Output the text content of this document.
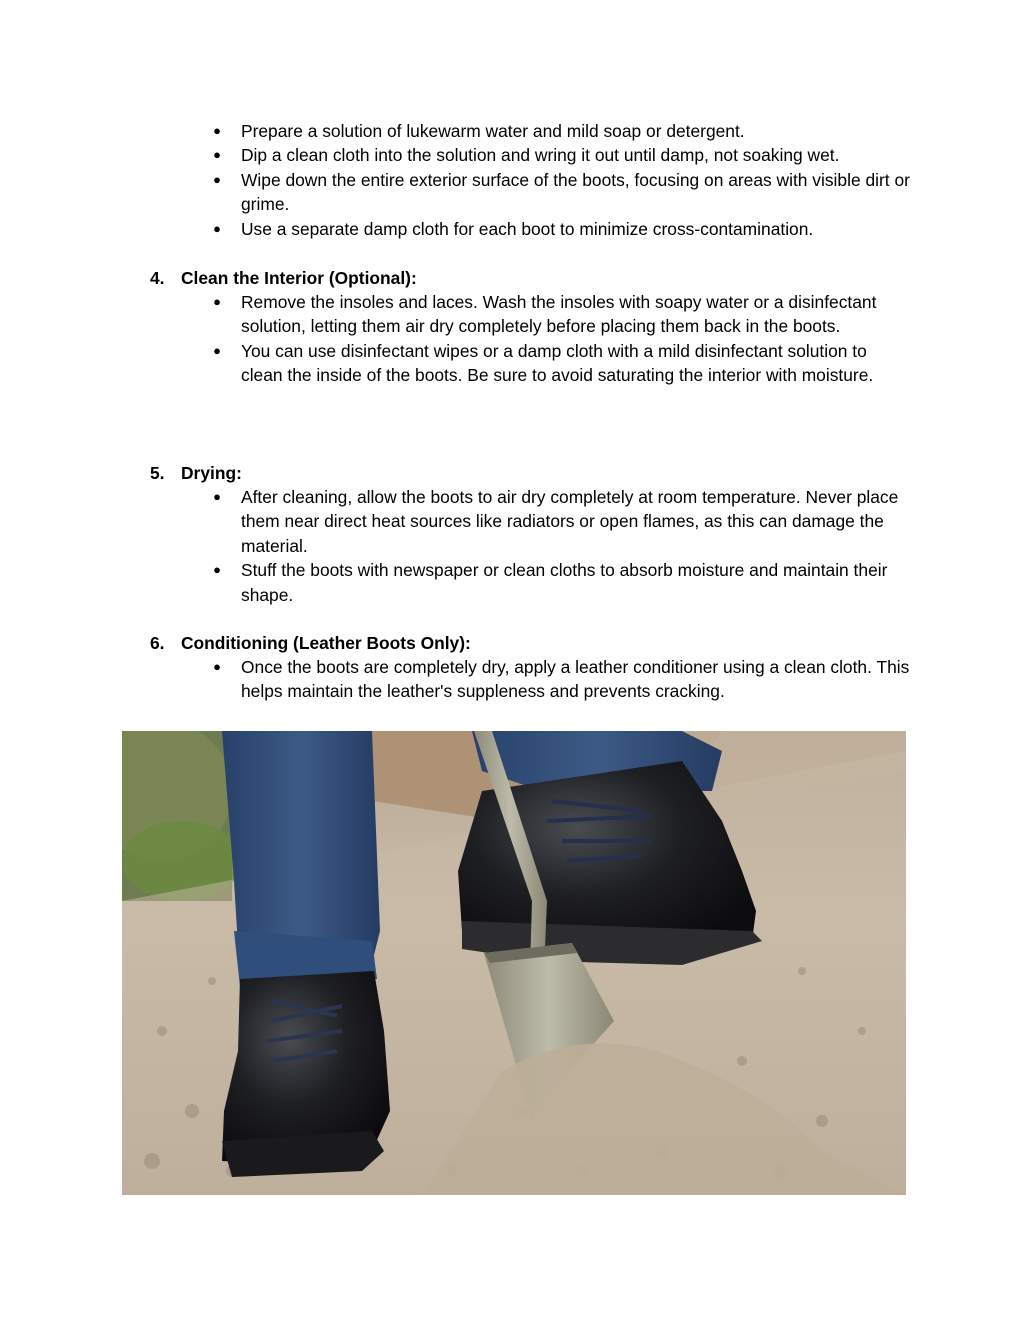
● Prepare a solution of lukewarm water and mild soap or detergent.
● Dip a clean cloth into the solution and wring it out until damp, not soaking wet.
● Wipe down the entire exterior surface of the boots, focusing on areas with visible dirt or grime.
● Use a separate damp cloth for each boot to minimize cross-contamination.
4. Clean the Interior (Optional):
● Remove the insoles and laces. Wash the insoles with soapy water or a disinfectant solution, letting them air dry completely before placing them back in the boots.
● You can use disinfectant wipes or a damp cloth with a mild disinfectant solution to clean the inside of the boots. Be sure to avoid saturating the interior with moisture.
5. Drying:
● After cleaning, allow the boots to air dry completely at room temperature. Never place them near direct heat sources like radiators or open flames, as this can damage the material.
● Stuff the boots with newspaper or clean cloths to absorb moisture and maintain their shape.
6. Conditioning (Leather Boots Only):
● Once the boots are completely dry, apply a leather conditioner using a clean cloth. This helps maintain the leather's suppleness and prevents cracking.
